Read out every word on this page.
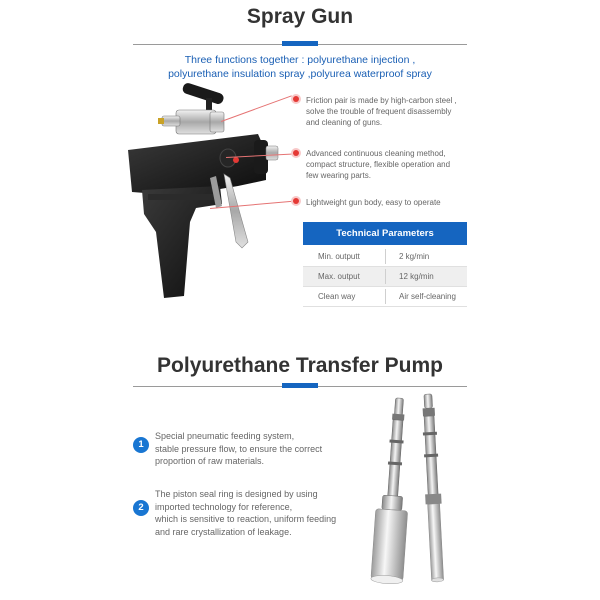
Spray Gun
Three functions together : polyurethane injection ,
polyurethane insulation spray ,polyurea waterproof spray
Friction pair is made by high-carbon steel ,
solve the trouble of frequent disassembly
and cleaning of guns.
Advanced continuous cleaning method,
compact structure, flexible operation and
few wearing parts.
Lightweight gun body, easy to operate
Technical Parameters
Min. outputt	2 kg/min
Max. output	12 kg/min
Clean way	Air self-cleaning
Polyurethane Transfer Pump
1
Special pneumatic feeding system,
stable pressure flow, to ensure the correct
proportion of raw materials.
2
The piston seal ring is designed by using
imported technology for reference,
which is sensitive to reaction, uniform feeding
and rare crystallization of leakage.
